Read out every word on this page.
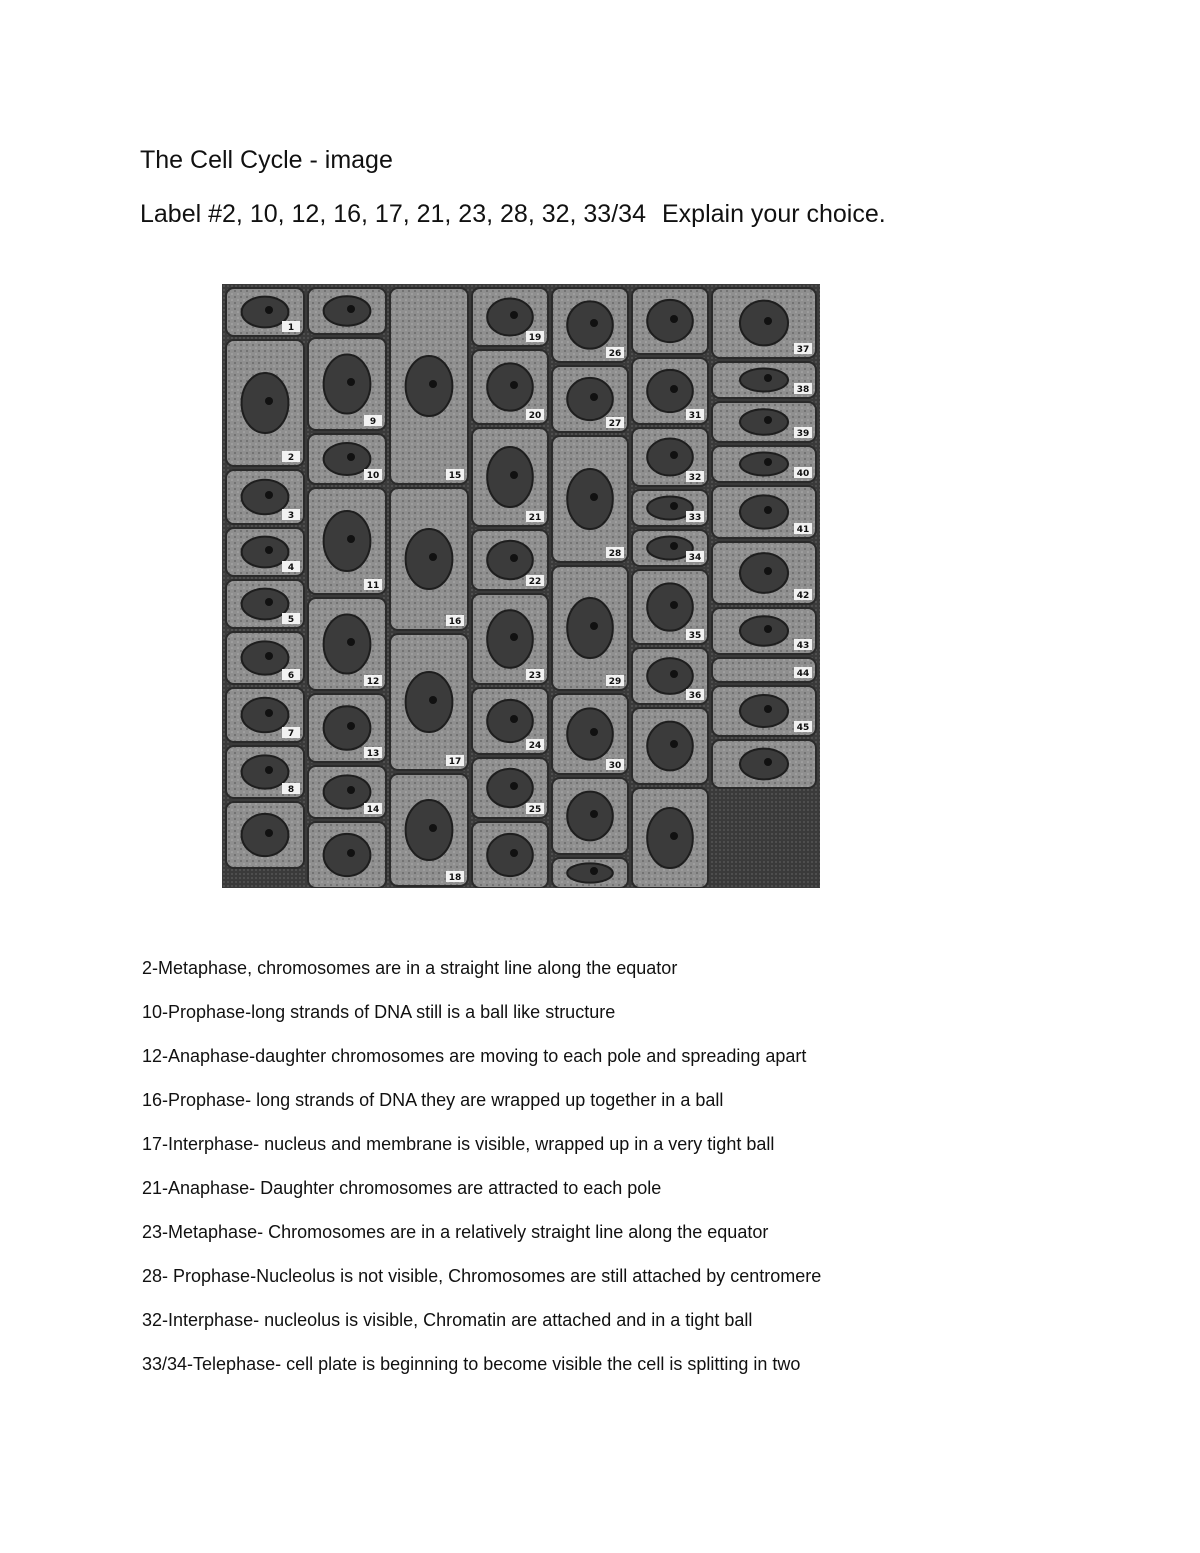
The Cell Cycle - image
Label #2, 10, 12, 16, 17, 21, 23, 28, 32, 33/34 Explain your choice.
1
2
3
4
5
6
7
8
9
10
11
12
13
14
15
16
17
18
19
20
21
22
23
24
25
26
27
28
29
30
31
32
33
34
35
36
37
38
39
40
41
42
43
44
45
2-Metaphase, chromosomes are in a straight line along the equator
10-Prophase-long strands of DNA still is a ball like structure
12-Anaphase-daughter chromosomes are moving to each pole and spreading apart
16-Prophase- long strands of DNA they are wrapped up together in a ball
17-Interphase- nucleus and membrane is visible, wrapped up in a very tight ball
21-Anaphase- Daughter chromosomes are attracted to each pole
23-Metaphase- Chromosomes are in a relatively straight line along the equator
28- Prophase-Nucleolus is not visible, Chromosomes are still attached by centromere
32-Interphase- nucleolus is visible, Chromatin are attached and in a tight ball
33/34-Telephase- cell plate is beginning to become visible the cell is splitting in two
